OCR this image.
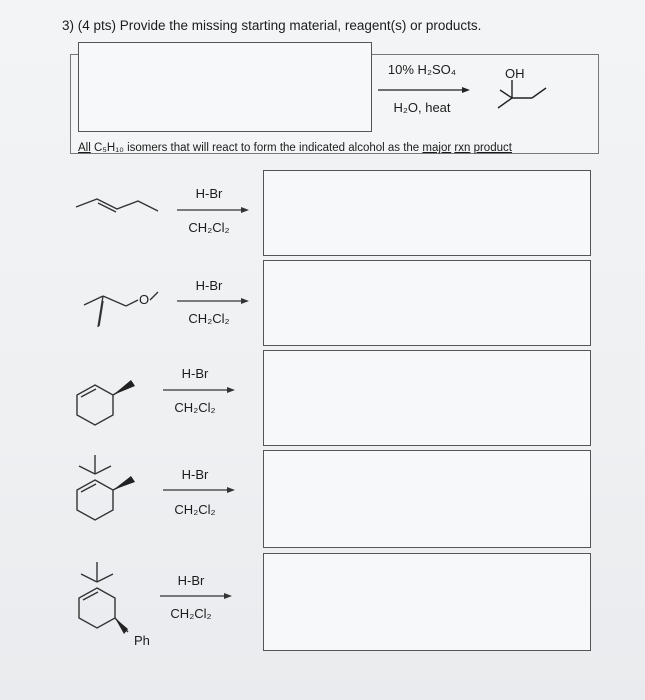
3) (4 pts) Provide the missing starting material, reagent(s) or products.
10% H₂SO₄
H₂O, heat
OH
All C₅H₁₀ isomers that will react to form the indicated alcohol as the major rxn product
O
Ph
H-Br
CH₂Cl₂
H-Br
CH₂Cl₂
H-Br
CH₂Cl₂
H-Br
CH₂Cl₂
H-Br
CH₂Cl₂
